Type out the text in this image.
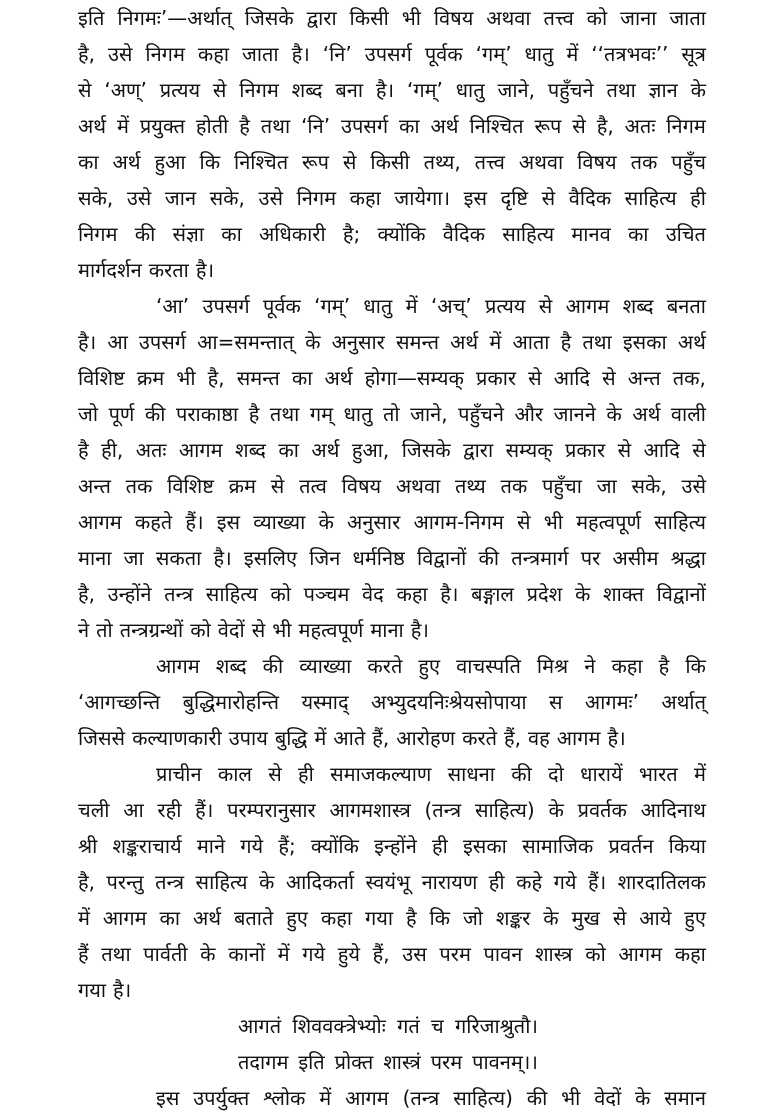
इति निगमः’—अर्थात् जिसके द्वारा किसी भी विषय अथवा तत्त्व को जाना जाता
है, उसे निगम कहा जाता है। ‘नि’ उपसर्ग पूर्वक ‘गम्’ धातु में ‘‘तत्रभवः’’ सूत्र
से ‘अण्’ प्रत्यय से निगम शब्द बना है। ‘गम्’ धातु जाने, पहुँचने तथा ज्ञान के
अर्थ में प्रयुक्त होती है तथा ‘नि’ उपसर्ग का अर्थ निश्चित रूप से है, अतः निगम
का अर्थ हुआ कि निश्चित रूप से किसी तथ्य, तत्त्व अथवा विषय तक पहुँच
सके, उसे जान सके, उसे निगम कहा जायेगा। इस दृष्टि से वैदिक साहित्य ही
निगम की संज्ञा का अधिकारी है; क्योंकि वैदिक साहित्य मानव का उचित
मार्गदर्शन करता है।
‘आ’ उपसर्ग पूर्वक ‘गम्’ धातु में ‘अच्’ प्रत्यय से आगम शब्द बनता
है। आ उपसर्ग आ=समन्तात् के अनुसार समन्त अर्थ में आता है तथा इसका अर्थ
विशिष्ट क्रम भी है, समन्त का अर्थ होगा—सम्यक् प्रकार से आदि से अन्त तक,
जो पूर्ण की पराकाष्ठा है तथा गम् धातु तो जाने, पहुँचने और जानने के अर्थ वाली
है ही, अतः आगम शब्द का अर्थ हुआ, जिसके द्वारा सम्यक् प्रकार से आदि से
अन्त तक विशिष्ट क्रम से तत्व विषय अथवा तथ्य तक पहुँचा जा सके, उसे
आगम कहते हैं। इस व्याख्या के अनुसार आगम-निगम से भी महत्वपूर्ण साहित्य
माना जा सकता है। इसलिए जिन धर्मनिष्ठ विद्वानों की तन्त्रमार्ग पर असीम श्रद्धा
है, उन्होंने तन्त्र साहित्य को पञ्चम वेद कहा है। बङ्गाल प्रदेश के शाक्त विद्वानों
ने तो तन्त्रग्रन्थों को वेदों से भी महत्वपूर्ण माना है।
आगम शब्द की व्याख्या करते हुए वाचस्पति मिश्र ने कहा है कि
‘आगच्छन्ति बुद्धिमारोहन्ति यस्माद् अभ्युदयनिःश्रेयसोपाया स आगमः’ अर्थात्
जिससे कल्याणकारी उपाय बुद्धि में आते हैं, आरोहण करते हैं, वह आगम है।
प्राचीन काल से ही समाजकल्याण साधना की दो धारायें भारत में
चली आ रही हैं। परम्परानुसार आगमशास्त्र (तन्त्र साहित्य) के प्रवर्तक आदिनाथ
श्री शङ्कराचार्य माने गये हैं; क्योंकि इन्होंने ही इसका सामाजिक प्रवर्तन किया
है, परन्तु तन्त्र साहित्य के आदिकर्ता स्वयंभू नारायण ही कहे गये हैं। शारदातिलक
में आगम का अर्थ बताते हुए कहा गया है कि जो शङ्कर के मुख से आये हुए
हैं तथा पार्वती के कानों में गये हुये हैं, उस परम पावन शास्त्र को आगम कहा
गया है।
आगतं शिववक्त्रेभ्योः गतं च गरिजाश्रुतौ।
तदागम इति प्रोक्त शास्त्रं परम पावनम्।।
इस उपर्युक्त श्लोक में आगम (तन्त्र साहित्य) की भी वेदों के समान
